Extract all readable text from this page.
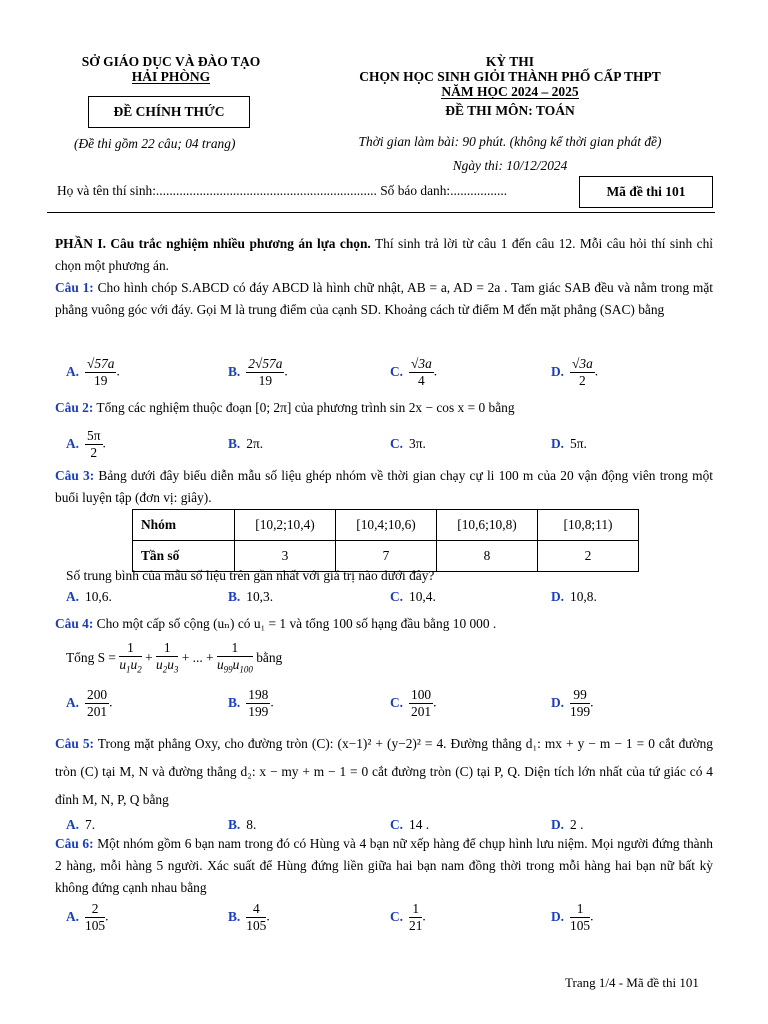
SỞ GIÁO DỤC VÀ ĐÀO TẠO
HẢI PHÒNG
ĐỀ CHÍNH THỨC
(Đề thi gồm 22 câu; 04 trang)
KỲ THI
CHỌN HỌC SINH GIỎI THÀNH PHỐ CẤP THPT
NĂM HỌC 2024 – 2025
ĐỀ THI MÔN: TOÁN
Thời gian làm bài: 90 phút. (không kể thời gian phát đề)
Ngày thi: 10/12/2024
Họ và tên thí sinh:.................................................................. Số báo danh:.................	Mã đề thi 101
PHẦN I. Câu trắc nghiệm nhiều phương án lựa chọn. Thí sinh trả lời từ câu 1 đến câu 12. Mỗi câu hỏi thí sinh chỉ chọn một phương án.
Câu 1: Cho hình chóp S.ABCD có đáy ABCD là hình chữ nhật, AB = a, AD = 2a . Tam giác SAB đều và nằm trong mặt phẳng vuông góc với đáy. Gọi M là trung điểm của cạnh SD. Khoảng cách từ điểm M đến mặt phẳng (SAC) bằng
A. $\frac{√57a}{19}$ .	B. $\frac{2√57a}{19}$ .	C. $\frac{√3a}{4}$ .	D. $\frac{√3a}{2}$ .
Câu 2: Tổng các nghiệm thuộc đoạn [0; 2π] của phương trình sin 2x − cos x = 0 bằng
A. $\frac{5\pi}{2}$ .	B. 2π.	C. 3π.	D. 5π.
Câu 3: Bảng dưới đây biểu diễn mẫu số liệu ghép nhóm về thời gian chạy cự li 100 m của 20 vận động viên trong một buổi luyện tập (đơn vị: giây).
Nhóm	[10,2;10,4)	[10,4;10,6)	[10,6;10,8)	[10,8;11)
Tần số	3	7	8	2
Số trung bình của mẫu số liệu trên gần nhất với giá trị nào dưới đây?
A. 10,6.	B. 10,3.	C. 10,4.	D. 10,8.
Câu 4: Cho một cấp số cộng (uₙ) có u₁ = 1 và tổng 100 số hạng đầu bằng 10 000 .
Tổng $S = \frac{1}{u_1u_2} + \frac{1}{u_2u_3}$ + ... + $\frac{1}{u_{99}u_{100}}$ bằng
A. $\frac{200}{201}$ .	B. $\frac{198}{199}$ .	C. $\frac{100}{201}$ .	D. $\frac{99}{199}$ .
Câu 5: Trong mặt phẳng Oxy, cho đường tròn (C): (x−1)² + (y−2)² = 4. Đường thẳng d₁: mx + y − m − 1 = 0 cắt đường tròn (C) tại M, N và đường thẳng d₂: x − my + m − 1 = 0 cắt đường tròn (C) tại P, Q. Diện tích lớn nhất của tứ giác có 4 đỉnh M, N, P, Q bằng
A. 7.	B. 8.	C. 14 .	D. 2 .
Câu 6: Một nhóm gồm 6 bạn nam trong đó có Hùng và 4 bạn nữ xếp hàng để chụp hình lưu niệm. Mọi người đứng thành 2 hàng, mỗi hàng 5 người. Xác suất để Hùng đứng liền giữa hai bạn nam đồng thời trong mỗi hàng hai bạn nữ bất kỳ không đứng cạnh nhau bằng
A. $\frac{2}{105}$ .	B. $\frac{4}{105}$ .	C. $\frac{1}{21}$ .	D. $\frac{1}{105}$ .
Trang 1/4 - Mã đề thi 101
